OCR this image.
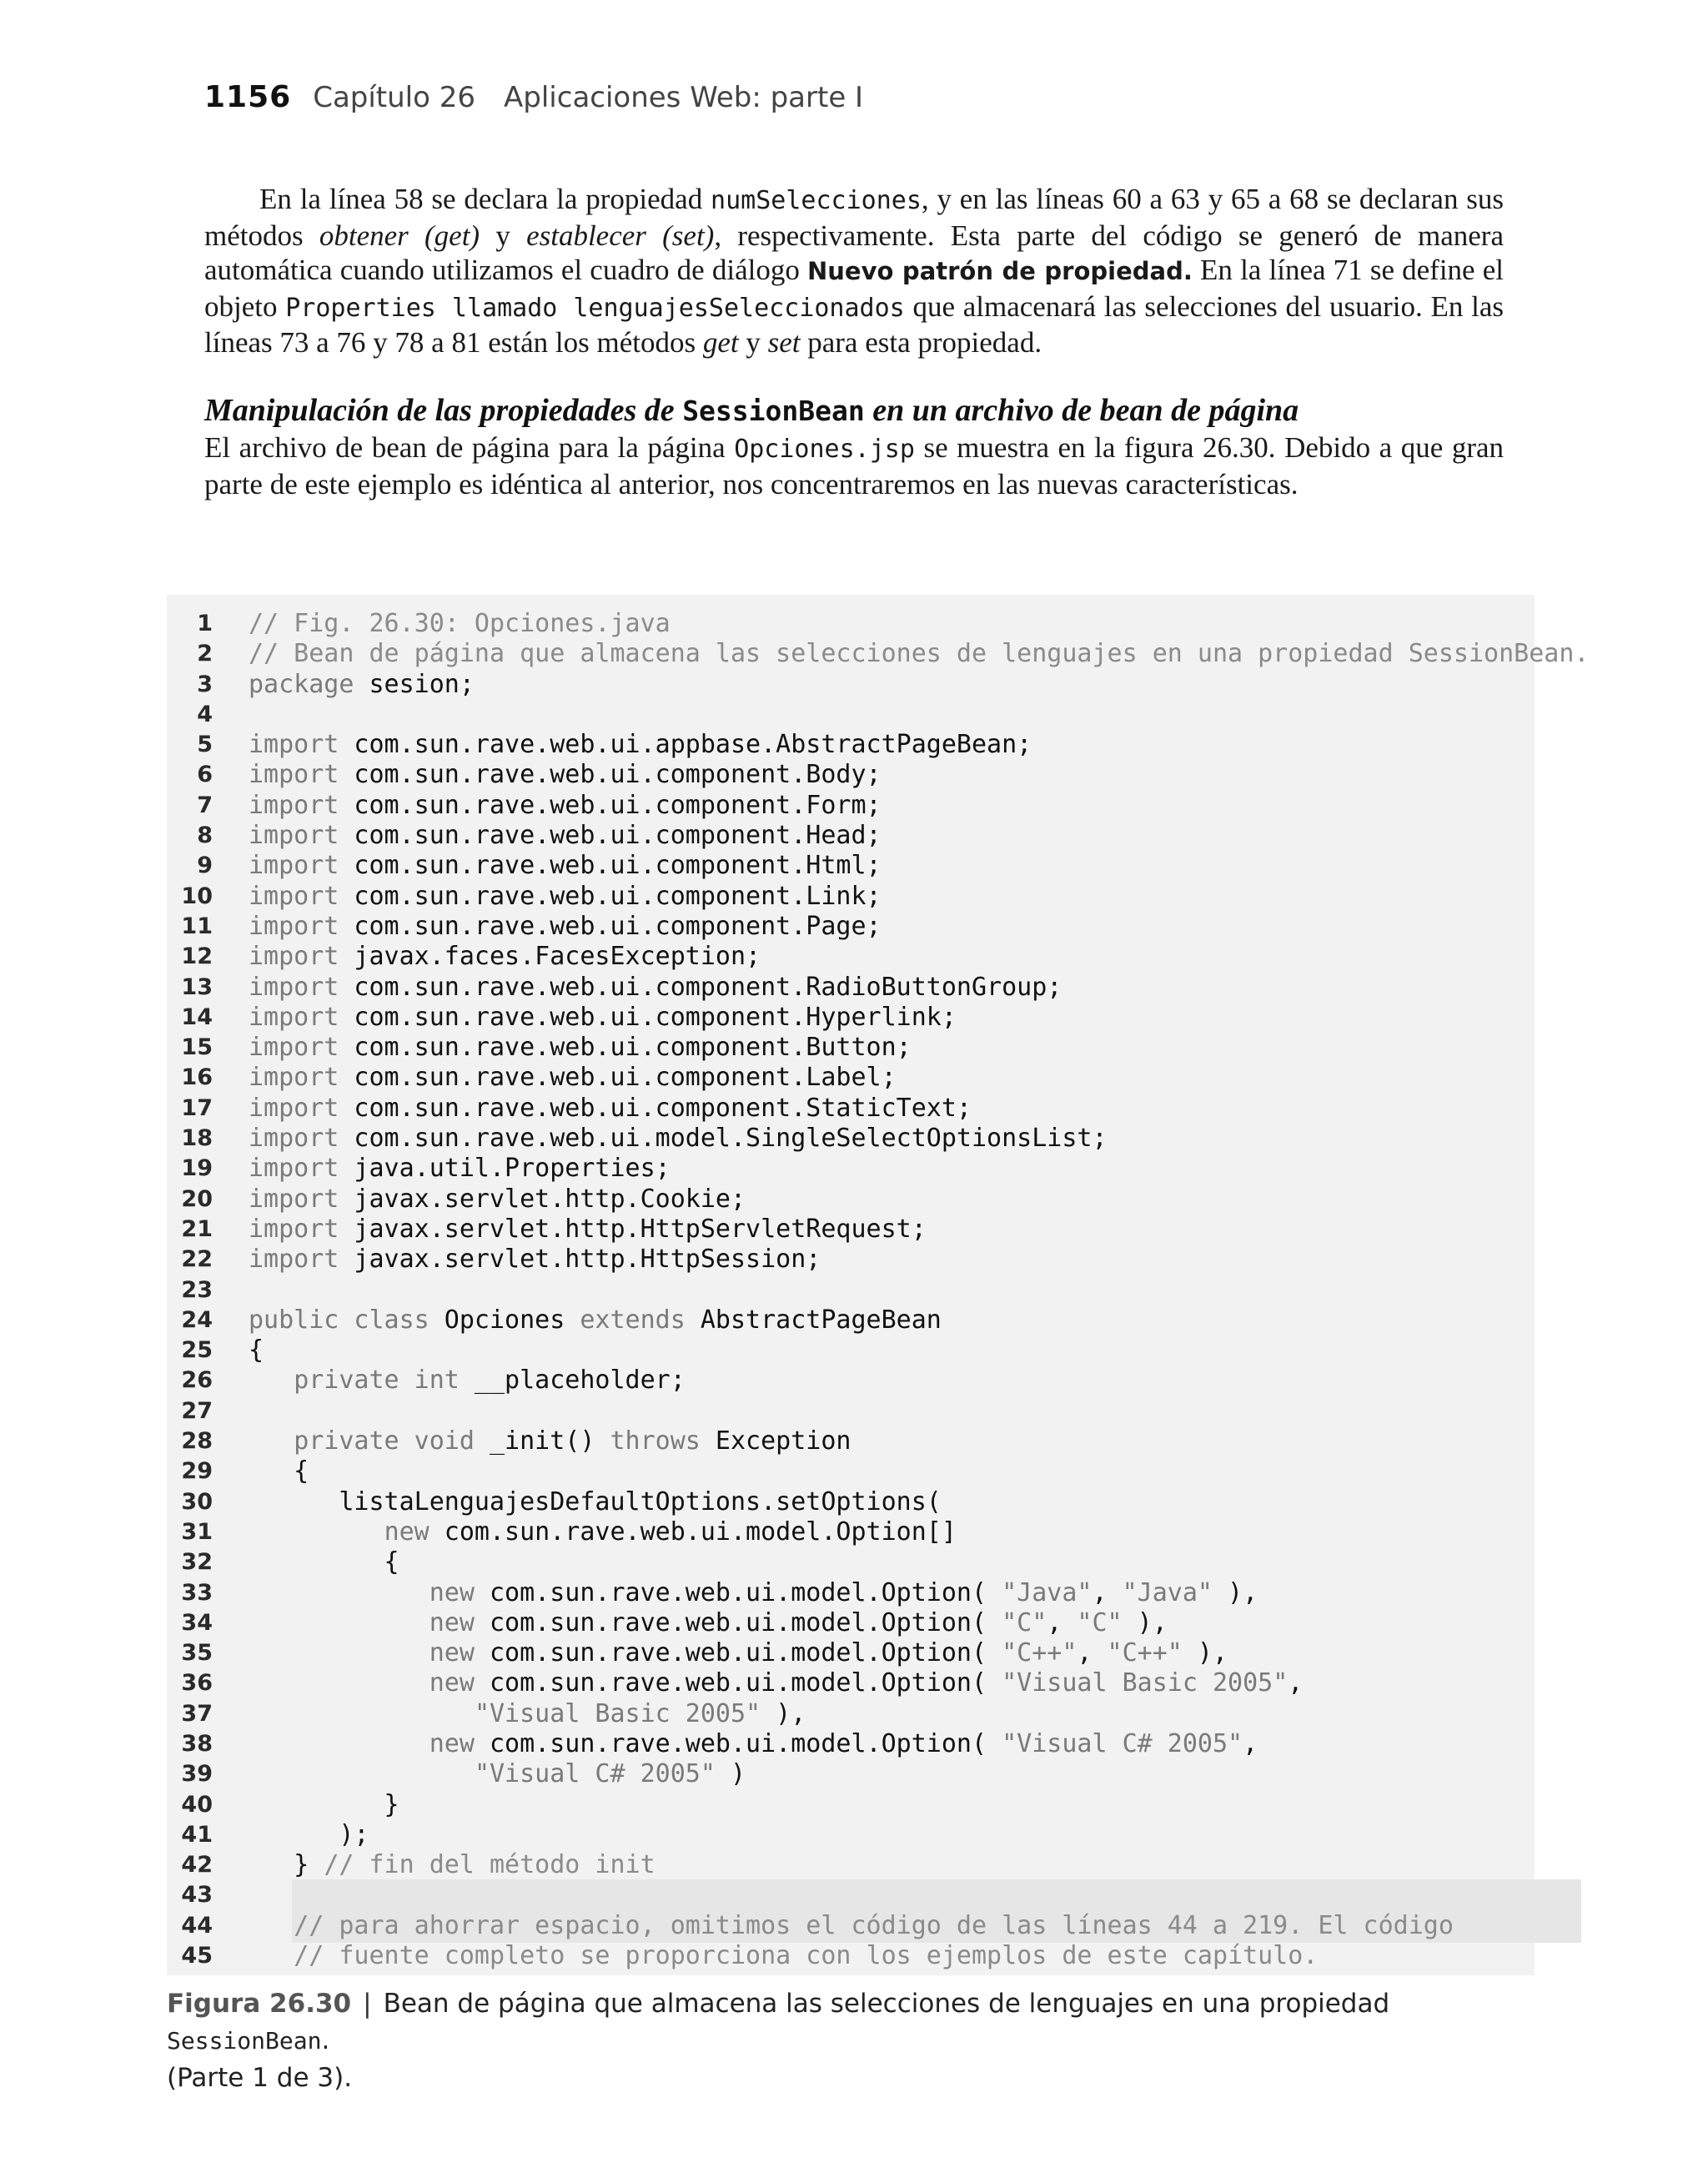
1156 Capítulo 26 Aplicaciones Web: parte I

En la línea 58 se declara la propiedad numSelecciones, y en las líneas 60 a 63 y 65 a 68 se declaran sus métodos obtener (get) y establecer (set), respectivamente. Esta parte del código se generó de manera automática cuando utilizamos el cuadro de diálogo Nuevo patrón de propiedad. En la línea 71 se define el objeto Properties llamado lenguajesSeleccionados que almacenará las selecciones del usuario. En las líneas 73 a 76 y 78 a 81 están los métodos get y set para esta propiedad.

Manipulación de las propiedades de SessionBean en un archivo de bean de página

El archivo de bean de página para la página Opciones.jsp se muestra en la figura 26.30. Debido a que gran parte de este ejemplo es idéntica al anterior, nos concentraremos en las nuevas características.

1 // Fig. 26.30: Opciones.java
2 // Bean de página que almacena las selecciones de lenguajes en una propiedad SessionBean.
3 package sesion;
4
5 import com.sun.rave.web.ui.appbase.AbstractPageBean;
6 import com.sun.rave.web.ui.component.Body;
7 import com.sun.rave.web.ui.component.Form;
8 import com.sun.rave.web.ui.component.Head;
9 import com.sun.rave.web.ui.component.Html;
10 import com.sun.rave.web.ui.component.Link;
11 import com.sun.rave.web.ui.component.Page;
12 import javax.faces.FacesException;
13 import com.sun.rave.web.ui.component.RadioButtonGroup;
14 import com.sun.rave.web.ui.component.Hyperlink;
15 import com.sun.rave.web.ui.component.Button;
16 import com.sun.rave.web.ui.component.Label;
17 import com.sun.rave.web.ui.component.StaticText;
18 import com.sun.rave.web.ui.model.SingleSelectOptionsList;
19 import java.util.Properties;
20 import javax.servlet.http.Cookie;
21 import javax.servlet.http.HttpServletRequest;
22 import javax.servlet.http.HttpSession;
23
24 public class Opciones extends AbstractPageBean
25 {
26	private int __placeholder;
27
28	private void _init() throws Exception
29 {
30 listaLenguajesDefaultOptions.setOptions(
31	new com.sun.rave.web.ui.model.Option[]
32 {
33	new com.sun.rave.web.ui.model.Option( "Java", "Java" ),
34	new com.sun.rave.web.ui.model.Option( "C", "C" ),
35	new com.sun.rave.web.ui.model.Option( "C++", "C++" ),
36	new com.sun.rave.web.ui.model.Option( "Visual Basic 2005",
37	"Visual Basic 2005" ),
38	new com.sun.rave.web.ui.model.Option( "Visual C# 2005",
39	"Visual C# 2005" )
40 }
41 );
42 } // fin del método init
43
44	// para ahorrar espacio, omitimos el código de las líneas 44 a 219. El código
45	// fuente completo se proporciona con los ejemplos de este capítulo.
Figura 26.30 | Bean de página que almacena las selecciones de lenguajes en una propiedad SessionBean.
(Parte 1 de 3).
